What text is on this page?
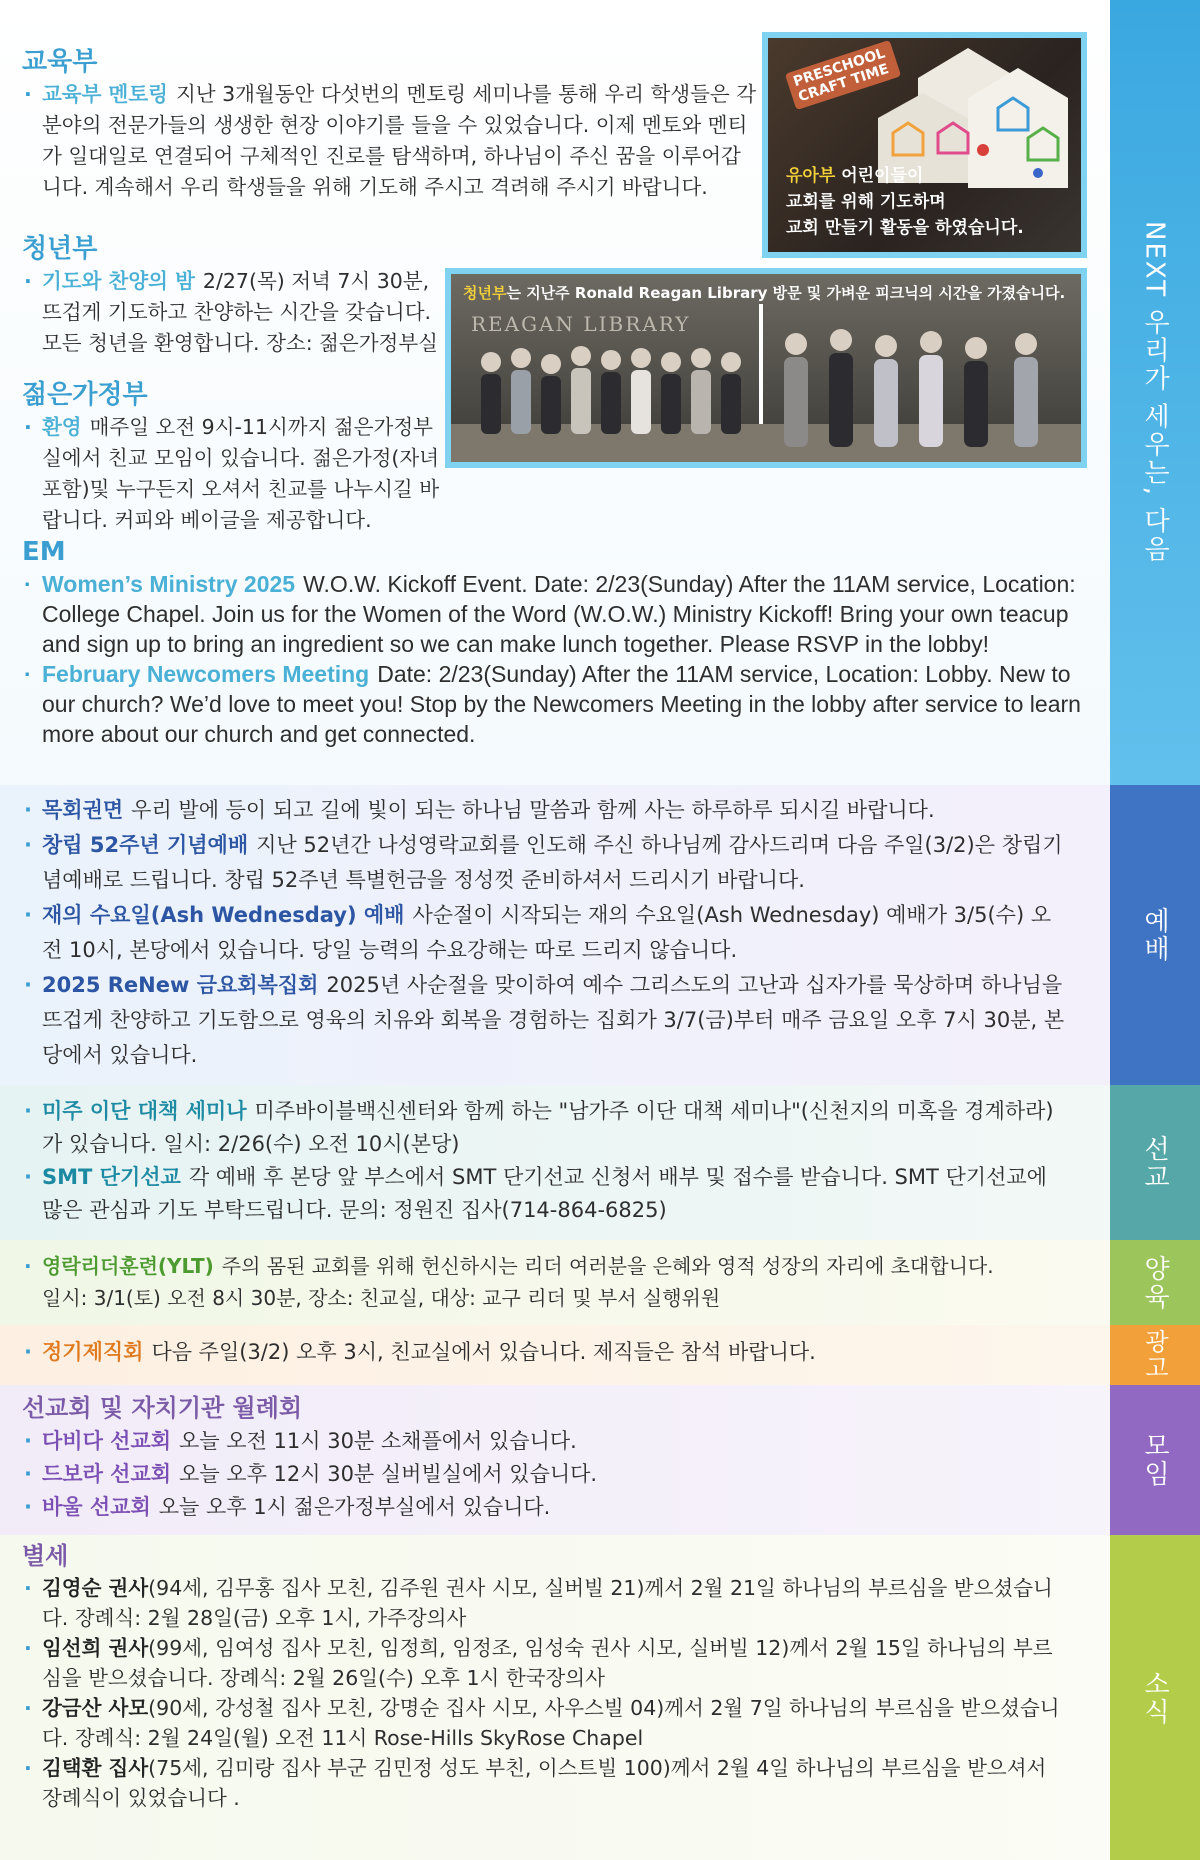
NEXT 우리가 세우는, 다음
예배
선교
양육
광고
모임
소식
교육부
· 교육부 멘토링 지난 3개월동안 다섯번의 멘토링 세미나를 통해 우리 학생들은 각 분야의 전문가들의 생생한 현장 이야기를 들을 수 있었습니다. 이제 멘토와 멘티가 일대일로 연결되어 구체적인 진로를 탐색하며, 하나님이 주신 꿈을 이루어갑니다. 계속해서 우리 학생들을 위해 기도해 주시고 격려해 주시기 바랍니다.
PRESCHOOL CRAFT TIME
유아부 어린이들이
교회를 위해 기도하며
교회 만들기 활동을 하였습니다.
청년부
· 기도와 찬양의 밤 2/27(목) 저녁 7시 30분, 뜨겁게 기도하고 찬양하는 시간을 갖습니다. 모든 청년을 환영합니다. 장소: 젊은가정부실
청년부는 지난주 Ronald Reagan Library 방문 및 가벼운 피크닉의 시간을 가졌습니다.
REAGAN LIBRARY
젊은가정부
· 환영 매주일 오전 9시-11시까지 젊은가정부실에서 친교 모임이 있습니다. 젊은가정(자녀 포함)및 누구든지 오셔서 친교를 나누시길 바랍니다. 커피와 베이글을 제공합니다.
EM
· Women’s Ministry 2025 W.O.W. Kickoff Event. Date: 2/23(Sunday) After the 11AM service, Location: College Chapel. Join us for the Women of the Word (W.O.W.) Ministry Kickoff! Bring your own teacup and sign up to bring an ingredient so we can make lunch together. Please RSVP in the lobby!
· February Newcomers Meeting Date: 2/23(Sunday) After the 11AM service, Location: Lobby. New to our church? We’d love to meet you! Stop by the Newcomers Meeting in the lobby after service to learn more about our church and get connected.
· 목회권면 우리 발에 등이 되고 길에 빛이 되는 하나님 말씀과 함께 사는 하루하루 되시길 바랍니다.
· 창립 52주년 기념예배 지난 52년간 나성영락교회를 인도해 주신 하나님께 감사드리며 다음 주일(3/2)은 창립기념예배로 드립니다. 창립 52주년 특별헌금을 정성껏 준비하셔서 드리시기 바랍니다.
· 재의 수요일(Ash Wednesday) 예배 사순절이 시작되는 재의 수요일(Ash Wednesday) 예배가 3/5(수) 오전 10시, 본당에서 있습니다. 당일 능력의 수요강해는 따로 드리지 않습니다.
· 2025 ReNew 금요회복집회 2025년 사순절을 맞이하여 예수 그리스도의 고난과 십자가를 묵상하며 하나님을 뜨겁게 찬양하고 기도함으로 영육의 치유와 회복을 경험하는 집회가 3/7(금)부터 매주 금요일 오후 7시 30분, 본당에서 있습니다.
· 미주 이단 대책 세미나 미주바이블백신센터와 함께 하는 "남가주 이단 대책 세미나"(신천지의 미혹을 경계하라)가 있습니다. 일시: 2/26(수) 오전 10시(본당)
· SMT 단기선교 각 예배 후 본당 앞 부스에서 SMT 단기선교 신청서 배부 및 접수를 받습니다. SMT 단기선교에 많은 관심과 기도 부탁드립니다. 문의: 정원진 집사(714-864-6825)
· 영락리더훈련(YLT) 주의 몸된 교회를 위해 헌신하시는 리더 여러분을 은혜와 영적 성장의 자리에 초대합니다.
일시: 3/1(토) 오전 8시 30분, 장소: 친교실, 대상: 교구 리더 및 부서 실행위원
· 정기제직회 다음 주일(3/2) 오후 3시, 친교실에서 있습니다. 제직들은 참석 바랍니다.
선교회 및 자치기관 월례회
· 다비다 선교회 오늘 오전 11시 30분 소채플에서 있습니다.
· 드보라 선교회 오늘 오후 12시 30분 실버빌실에서 있습니다.
· 바울 선교회 오늘 오후 1시 젊은가정부실에서 있습니다.
별세
· 김영순 권사(94세, 김무홍 집사 모친, 김주원 권사 시모, 실버빌 21)께서 2월 21일 하나님의 부르심을 받으셨습니다. 장례식: 2월 28일(금) 오후 1시, 가주장의사
· 임선희 권사(99세, 임여성 집사 모친, 임정희, 임정조, 임성숙 권사 시모, 실버빌 12)께서 2월 15일 하나님의 부르심을 받으셨습니다. 장례식: 2월 26일(수) 오후 1시 한국장의사
· 강금산 사모(90세, 강성철 집사 모친, 강명순 집사 시모, 사우스빌 04)께서 2월 7일 하나님의 부르심을 받으셨습니다. 장례식: 2월 24일(월) 오전 11시 Rose-Hills SkyRose Chapel
· 김택환 집사(75세, 김미랑 집사 부군 김민정 성도 부친, 이스트빌 100)께서 2월 4일 하나님의 부르심을 받으셔서 장례식이 있었습니다 .
